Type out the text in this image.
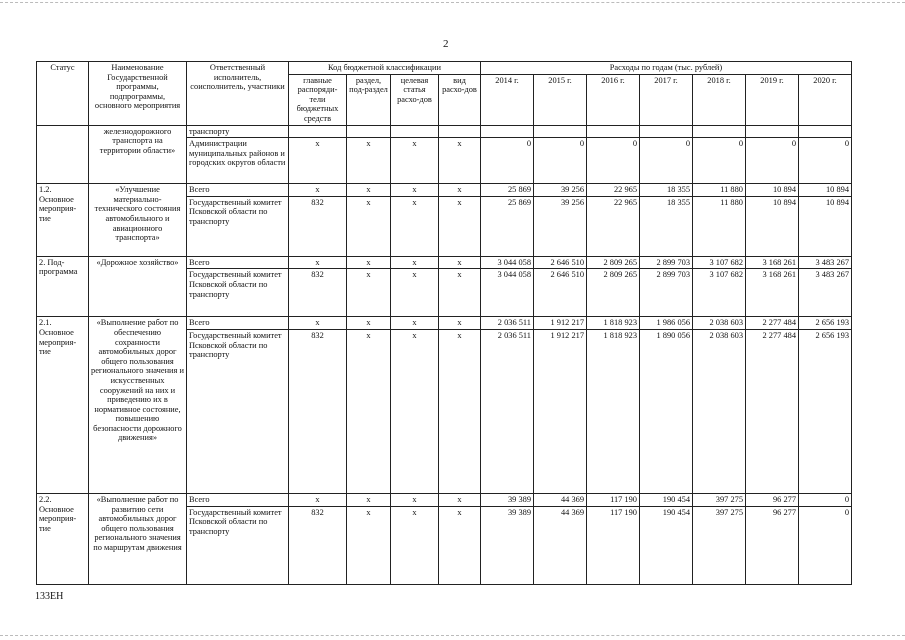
2
Статус	Наименование Государственной программы, подпрограммы, основного мероприятия	Ответственный исполнитель, соисполнитель, участники	Код бюджетной классификации				Расходы по годам (тыс. рублей)						
			главные распоряди-тели бюджетных средств	раздел, под-раздел	целевая статья расхо-дов	вид расхо-дов	2014 г.	2015 г.	2016 г.	2017 г.	2018 г.	2019 г.	2020 г.
	железнодорожного транспорта на территории области»	транспорту											
		Администрации муниципальных районов и городских округов области	х	х	х	х	0	0	0	0	0	0	0
1.2. Основное мероприя-тие	«Улучшение материально-технического состояния автомобильного и авиационного транспорта»	Всего	х	х	х	х	25 869	39 256	22 965	18 355	11 880	10 894	10 894
		Государственный комитет Псковской области по транспорту	832	х	х	х	25 869	39 256	22 965	18 355	11 880	10 894	10 894
2. Под-программа	«Дорожное хозяйство»	Всего	х	х	х	х	3 044 058	2 646 510	2 809 265	2 899 703	3 107 682	3 168 261	3 483 267
		Государственный комитет Псковской области по транспорту	832	х	х	х	3 044 058	2 646 510	2 809 265	2 899 703	3 107 682	3 168 261	3 483 267
2.1. Основное мероприя-тие	«Выполнение работ по обеспечению сохранности автомобильных дорог общего пользования регионального значения и искусственных сооружений на них и приведению их в нормативное состояние, повышению безопасности дорожного движения»	Всего	х	х	х	х	2 036 511	1 912 217	1 818 923	1 986 056	2 038 603	2 277 484	2 656 193
		Государственный комитет Псковской области по транспорту	832	х	х	х	2 036 511	1 912 217	1 818 923	1 890 056	2 038 603	2 277 484	2 656 193
2.2. Основное мероприя-тие	«Выполнение работ по развитию сети автомобильных дорог общего пользования регионального значения по маршрутам движения	Всего	х	х	х	х	39 389	44 369	117 190	190 454	397 275	96 277	0
		Государственный комитет Псковской области по транспорту	832	х	х	х	39 389	44 369	117 190	190 454	397 275	96 277	0
133ЕН
